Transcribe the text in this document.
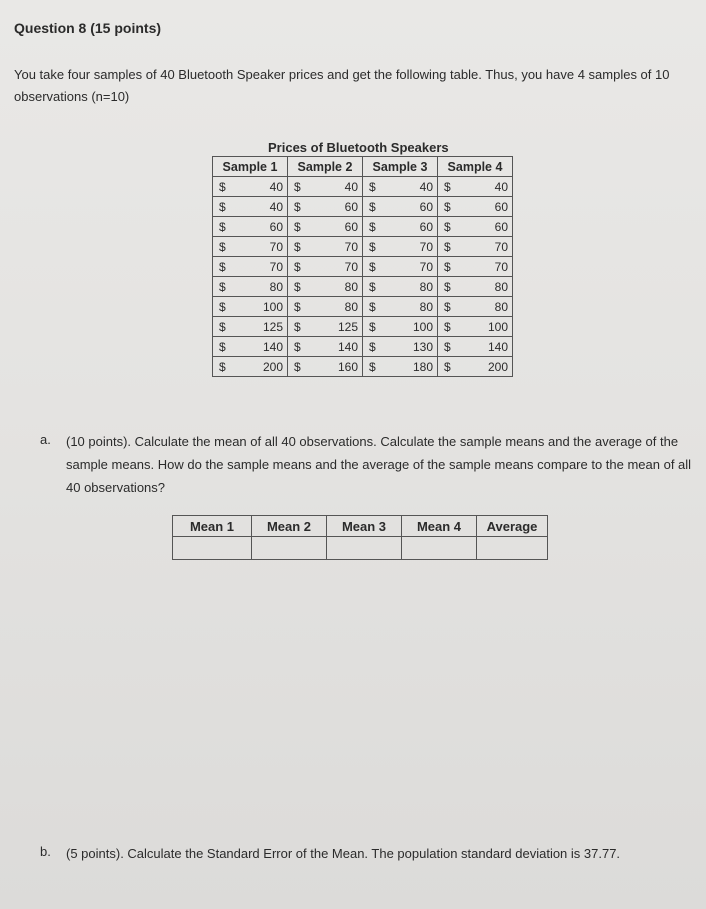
Question 8 (15 points)
You take four samples of 40 Bluetooth Speaker prices and get the following table. Thus, you have 4 samples of 10 observations (n=10)
Prices of Bluetooth Speakers
Sample 1		Sample 2		Sample 3		Sample 4	
$	40	$	40	$	40	$	40
$	40	$	60	$	60	$	60
$	60	$	60	$	60	$	60
$	70	$	70	$	70	$	70
$	70	$	70	$	70	$	70
$	80	$	80	$	80	$	80
$	100	$	80	$	80	$	80
$	125	$	125	$	100	$	100
$	140	$	140	$	130	$	140
$	200	$	160	$	180	$	200
a. (10 points). Calculate the mean of all 40 observations. Calculate the sample means and the average of the sample means. How do the sample means and the average of the sample means compare to the mean of all 40 observations?
Mean 1	Mean 2	Mean 3	Mean 4	Average

b. (5 points). Calculate the Standard Error of the Mean. The population standard deviation is 37.77.
